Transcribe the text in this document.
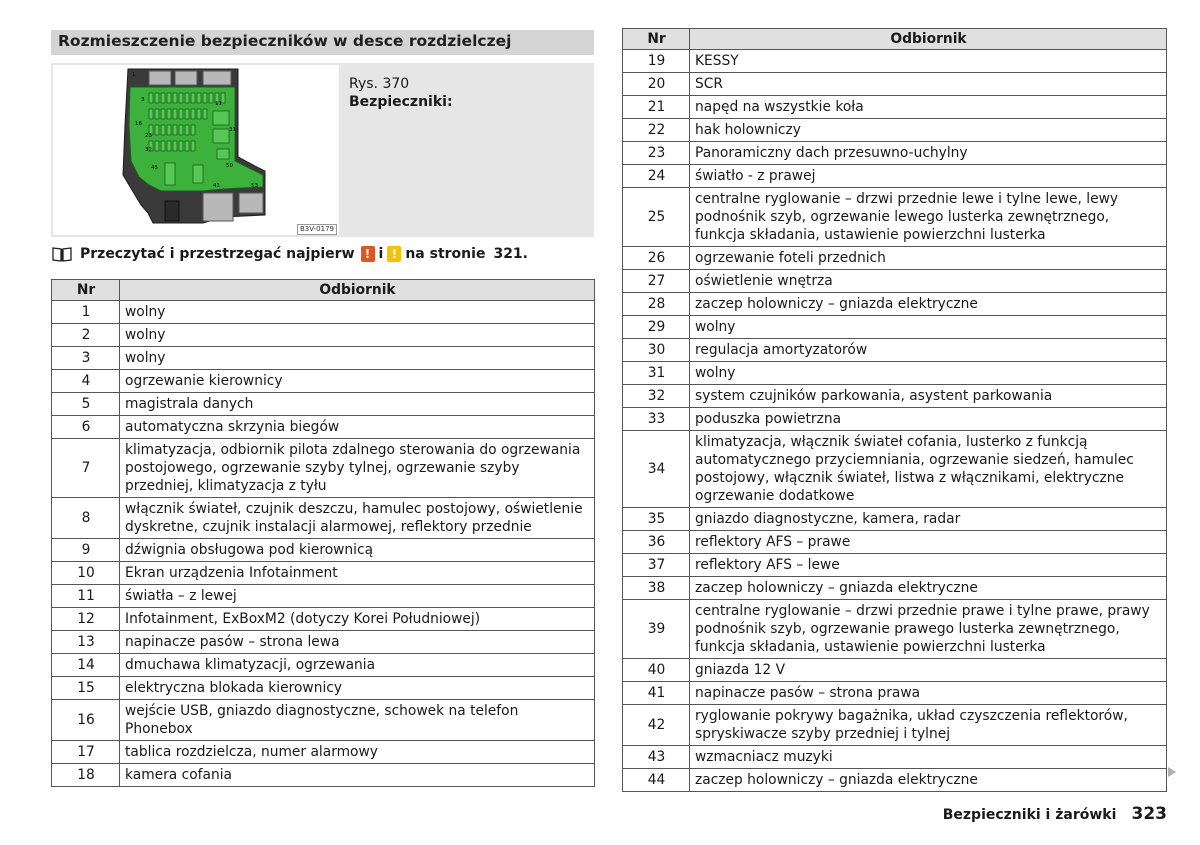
Rozmieszczenie bezpieczników w desce rozdzielczej
1
3
11
16
23
31
32
41
45	50
53
Rys. 370
Bezpieczniki:
B3V-0179
Przeczytać i przestrzegać najpierw ! i ! na stronie 321.
Nr	Odbiornik
1	wolny
2	wolny
3	wolny
4	ogrzewanie kierownicy
5	magistrala danych
6	automatyczna skrzynia biegów
7	klimatyzacja, odbiornik pilota zdalnego sterowania do ogrzewania postojowego, ogrzewanie szyby tylnej, ogrzewanie szyby przedniej, klimatyzacja z tyłu
8	włącznik świateł, czujnik deszczu, hamulec postojowy, oświetlenie dyskretne, czujnik instalacji alarmowej, reflektory przednie
9	dźwignia obsługowa pod kierownicą
10	Ekran urządzenia Infotainment
11	światła – z lewej
12	Infotainment, ExBoxM2 (dotyczy Korei Południowej)
13	napinacze pasów – strona lewa
14	dmuchawa klimatyzacji, ogrzewania
15	elektryczna blokada kierownicy
16	wejście USB, gniazdo diagnostyczne, schowek na telefon Phonebox
17	tablica rozdzielcza, numer alarmowy
18	kamera cofania
Nr	Odbiornik
19	KESSY
20	SCR
21	napęd na wszystkie koła
22	hak holowniczy
23	Panoramiczny dach przesuwno-uchylny
24	światło - z prawej
25	centralne ryglowanie – drzwi przednie lewe i tylne lewe, lewy podnośnik szyb, ogrzewanie lewego lusterka zewnętrznego, funkcja składania, ustawienie powierzchni lusterka
26	ogrzewanie foteli przednich
27	oświetlenie wnętrza
28	zaczep holowniczy – gniazda elektryczne
29	wolny
30	regulacja amortyzatorów
31	wolny
32	system czujników parkowania, asystent parkowania
33	poduszka powietrzna
34	klimatyzacja, włącznik świateł cofania, lusterko z funkcją automatycznego przyciemniania, ogrzewanie siedzeń, hamulec postojowy, włącznik świateł, listwa z włącznikami, elektryczne ogrzewanie dodatkowe
35	gniazdo diagnostyczne, kamera, radar
36	reflektory AFS – prawe
37	reflektory AFS – lewe
38	zaczep holowniczy – gniazda elektryczne
39	centralne ryglowanie – drzwi przednie prawe i tylne prawe, prawy podnośnik szyb, ogrzewanie prawego lusterka zewnętrznego, funkcja składania, ustawienie powierzchni lusterka
40	gniazda 12 V
41	napinacze pasów – strona prawa
42	ryglowanie pokrywy bagażnika, układ czyszczenia reflektorów, spryskiwacze szyby przedniej i tylnej
43	wzmacniacz muzyki
44	zaczep holowniczy – gniazda elektryczne
Bezpieczniki i żarówki 323
